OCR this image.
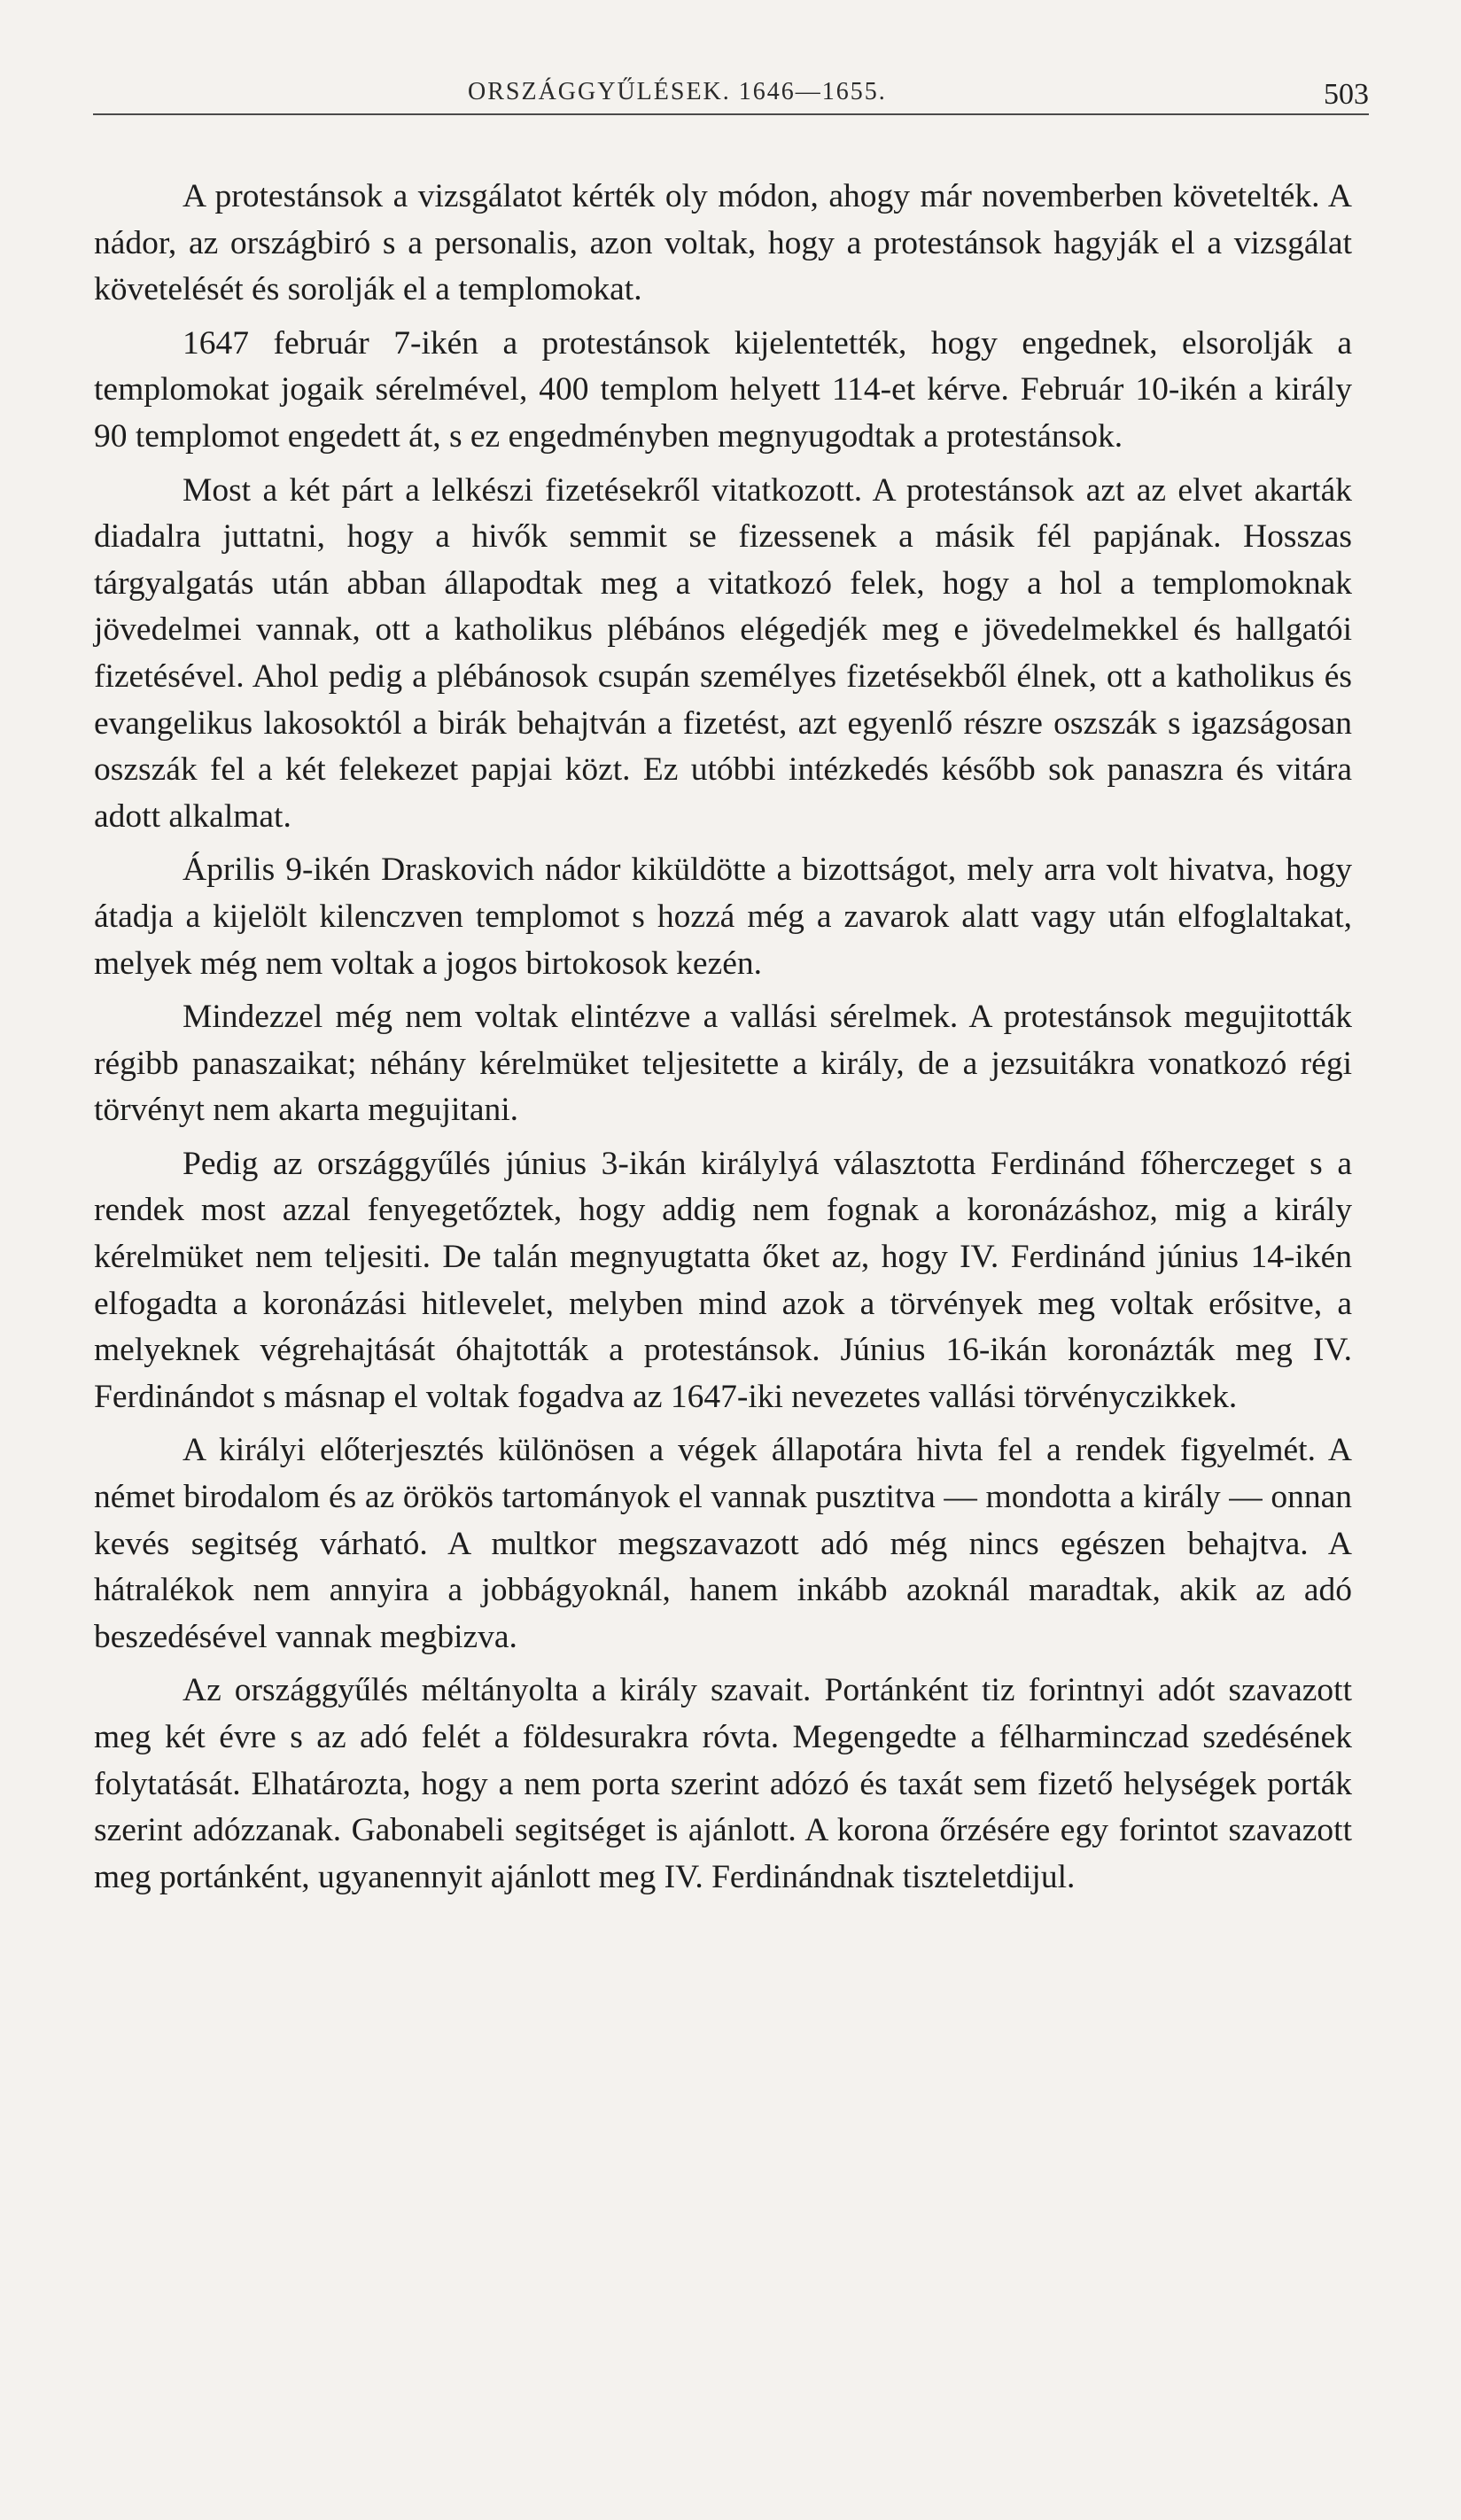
ORSZÁGGYŰLÉSEK. 1646—1655.	503

A protestánsok a vizsgálatot kérték oly módon, ahogy már novemberben követelték. A nádor, az országbiró s a personalis, azon voltak, hogy a protestánsok hagyják el a vizsgálat követelését és sorolják el a templomokat.

1647 február 7-ikén a protestánsok kijelentették, hogy engednek, elsorolják a templomokat jogaik sérelmével, 400 templom helyett 114-et kérve. Február 10-ikén a király 90 templomot engedett át, s ez engedményben megnyugodtak a protestánsok.

Most a két párt a lelkészi fizetésekről vitatkozott. A protestánsok azt az elvet akarták diadalra juttatni, hogy a hivők semmit se fizessenek a másik fél papjának. Hosszas tárgyalgatás után abban állapodtak meg a vitatkozó felek, hogy a hol a templomoknak jövedelmei vannak, ott a katholikus plébános elégedjék meg e jövedelmekkel és hallgatói fizetésével. Ahol pedig a plébánosok csupán személyes fizetésekből élnek, ott a katholikus és evangelikus lakosoktól a birák behajtván a fizetést, azt egyenlő részre oszszák s igazságosan oszszák fel a két felekezet papjai közt. Ez utóbbi intézkedés később sok panaszra és vitára adott alkalmat.

Április 9-ikén Draskovich nádor kiküldötte a bizottságot, mely arra volt hivatva, hogy átadja a kijelölt kilenczven templomot s hozzá még a zavarok alatt vagy után elfoglaltakat, melyek még nem voltak a jogos birtokosok kezén.

Mindezzel még nem voltak elintézve a vallási sérelmek. A protestánsok megujitották régibb panaszaikat; néhány kérelmüket teljesitette a király, de a jezsuitákra vonatkozó régi törvényt nem akarta megujitani.

Pedig az országgyűlés június 3-ikán királylyá választotta Ferdinánd főherczeget s a rendek most azzal fenyegetőztek, hogy addig nem fognak a koronázáshoz, mig a király kérelmüket nem teljesiti. De talán megnyugtatta őket az, hogy IV. Ferdinánd június 14-ikén elfogadta a koronázási hitlevelet, melyben mind azok a törvények meg voltak erősitve, a melyeknek végrehajtását óhajtották a protestánsok. Június 16-ikán koronázták meg IV. Ferdinándot s másnap el voltak fogadva az 1647-iki nevezetes vallási törvényczikkek.

A királyi előterjesztés különösen a végek állapotára hivta fel a rendek figyelmét. A német birodalom és az örökös tartományok el vannak pusztitva — mondotta a király — onnan kevés segitség várható. A multkor megszavazott adó még nincs egészen behajtva. A hátralékok nem annyira a jobbágyoknál, hanem inkább azoknál maradtak, akik az adó beszedésével vannak megbizva.

Az országgyűlés méltányolta a király szavait. Portánként tiz forintnyi adót szavazott meg két évre s az adó felét a földesurakra róvta. Megengedte a félharminczad szedésének folytatását. Elhatározta, hogy a nem porta szerint adózó és taxát sem fizető helységek porták szerint adózzanak. Gabonabeli segitséget is ajánlott. A korona őrzésére egy forintot szavazott meg portánként, ugyanennyit ajánlott meg IV. Ferdinándnak tiszteletdijul.
